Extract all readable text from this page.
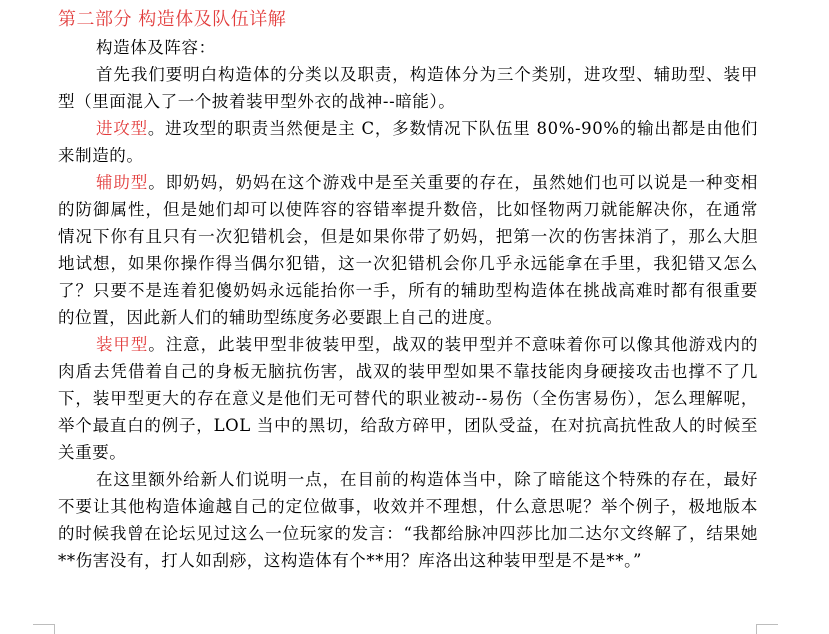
第二部分 构造体及队伍详解

构造体及阵容：

首先我们要明白构造体的分类以及职责，构造体分为三个类别，进攻型、辅助型、装甲型（里面混入了一个披着装甲型外衣的战神--暗能）。

进攻型。进攻型的职责当然便是主 C，多数情况下队伍里 80%-90%的输出都是由他们来制造的。

辅助型。即奶妈，奶妈在这个游戏中是至关重要的存在，虽然她们也可以说是一种变相的防御属性，但是她们却可以使阵容的容错率提升数倍，比如怪物两刀就能解决你，在通常情况下你有且只有一次犯错机会，但是如果你带了奶妈，把第一次的伤害抹消了，那么大胆地试想，如果你操作得当偶尔犯错，这一次犯错机会你几乎永远能拿在手里，我犯错又怎么了？只要不是连着犯傻奶妈永远能抬你一手，所有的辅助型构造体在挑战高难时都有很重要的位置，因此新人们的辅助型练度务必要跟上自己的进度。

装甲型。注意，此装甲型非彼装甲型，战双的装甲型并不意味着你可以像其他游戏内的肉盾去凭借着自己的身板无脑抗伤害，战双的装甲型如果不靠技能肉身硬接攻击也撑不了几下，装甲型更大的存在意义是他们无可替代的职业被动--易伤（全伤害易伤），怎么理解呢，举个最直白的例子，LOL 当中的黑切，给敌方碎甲，团队受益，在对抗高抗性敌人的时候至关重要。

在这里额外给新人们说明一点，在目前的构造体当中，除了暗能这个特殊的存在，最好不要让其他构造体逾越自己的定位做事，收效并不理想，什么意思呢？举个例子，极地版本的时候我曾在论坛见过这么一位玩家的发言：“我都给脉冲四莎比加二达尔文终解了，结果她**伤害没有，打人如刮痧，这构造体有个**用？库洛出这种装甲型是不是**。”
